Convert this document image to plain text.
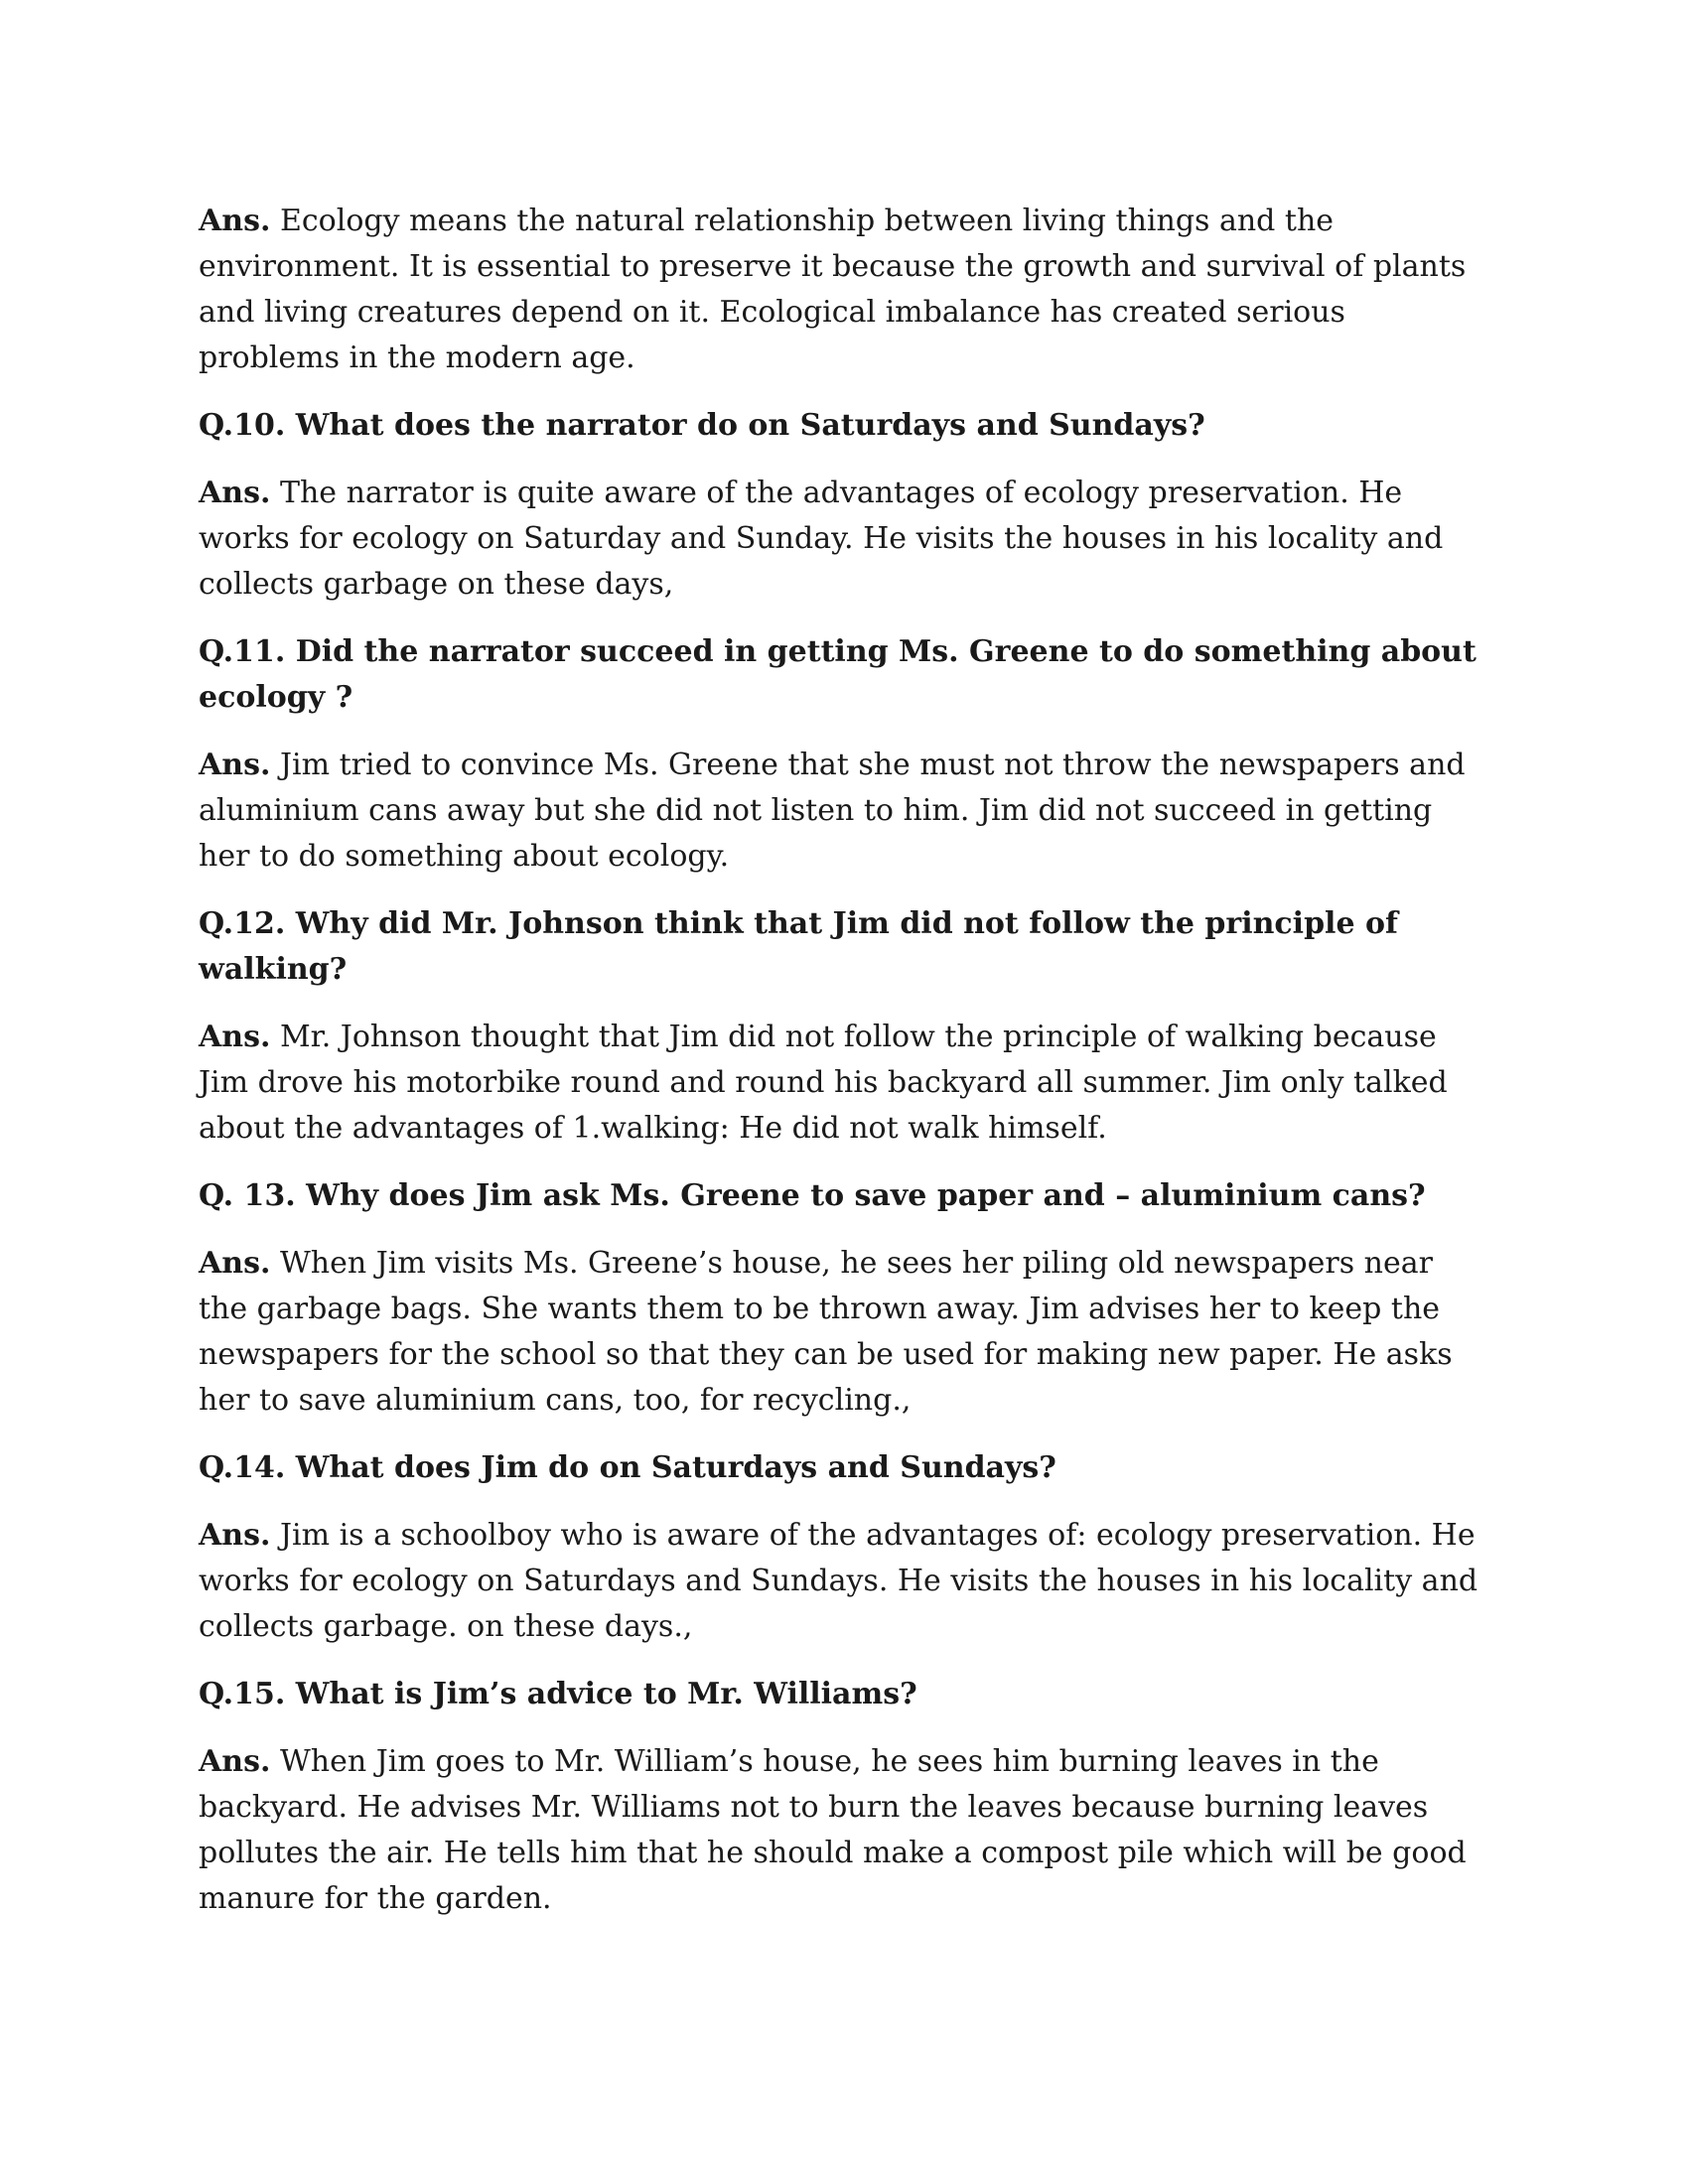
Ans. Ecology means the natural relationship between living things and the environment. It is essential to preserve it because the growth and survival of plants and living creatures depend on it. Ecological imbalance has created serious problems in the modern age.

Q.10. What does the narrator do on Saturdays and Sundays?

Ans. The narrator is quite aware of the advantages of ecology preservation. He works for ecology on Saturday and Sunday. He visits the houses in his locality and collects garbage on these days,

Q.11. Did the narrator succeed in getting Ms. Greene to do something about ecology ?

Ans. Jim tried to convince Ms. Greene that she must not throw the newspapers and aluminium cans away but she did not listen to him. Jim did not succeed in getting her to do something about ecology.

Q.12. Why did Mr. Johnson think that Jim did not follow the principle of walking?

Ans. Mr. Johnson thought that Jim did not follow the principle of walking because Jim drove his motorbike round and round his backyard all summer. Jim only talked about the advantages of 1.walking: He did not walk himself.

Q. 13. Why does Jim ask Ms. Greene to save paper and – aluminium cans?

Ans. When Jim visits Ms. Greene’s house, he sees her piling old newspapers near the garbage bags. She wants them to be thrown away. Jim advises her to keep the newspapers for the school so that they can be used for making new paper. He asks her to save aluminium cans, too, for recycling.,

Q.14. What does Jim do on Saturdays and Sundays?

Ans. Jim is a schoolboy who is aware of the advantages of: ecology preservation. He works for ecology on Saturdays and Sundays. He visits the houses in his locality and collects garbage. on these days.,

Q.15. What is Jim’s advice to Mr. Williams?

Ans. When Jim goes to Mr. William’s house, he sees him burning leaves in the backyard. He advises Mr. Williams not to burn the leaves because burning leaves pollutes the air. He tells him that he should make a compost pile which will be good manure for the garden.
